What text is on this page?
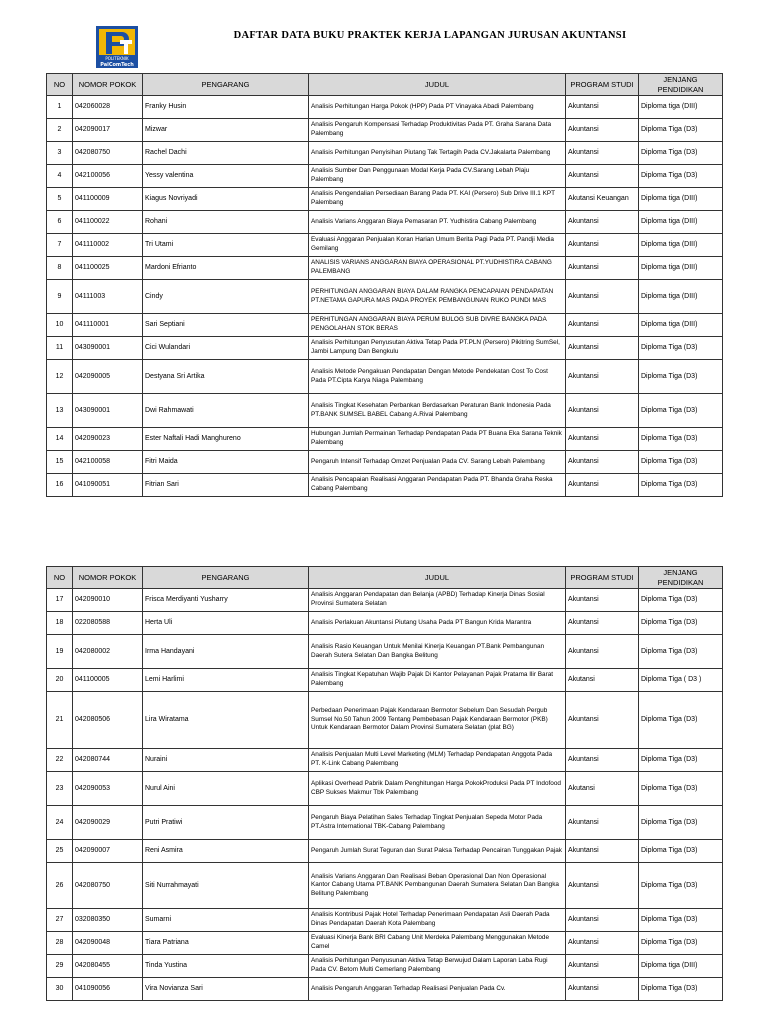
POLITEKNIK
PalComTech
DAFTAR DATA BUKU PRAKTEK KERJA LAPANGAN JURUSAN AKUNTANSI
NO	NOMOR POKOK	PENGARANG	JUDUL	PROGRAM STUDI	JENJANG PENDIDIKAN
1	042060028	Franky Husin	Analisis Perhitungan Harga Pokok (HPP) Pada PT Vinayaka Abadi Palembang	Akuntansi	Diploma tiga (DIII)
2	042090017	Mizwar	Analisis Pengaruh Kompensasi Terhadap Produktivitas Pada PT. Graha Sarana Data Palembang	Akuntansi	Diploma Tiga (D3)
3	042080750	Rachel Dachi	Analisis Perhitungan Penyisihan Piutang Tak Tertagih Pada CV.Jakalarta Palembang	Akuntansi	Diploma Tiga (D3)
4	042100056	Yessy valentina	Analisis Sumber Dan Penggunaan Modal Kerja Pada CV.Sarang Lebah Plaju Palembang	Akuntansi	Diploma Tiga (D3)
5	041100009	Kiagus Novriyadi	Analisis Pengendalian Persediaan Barang Pada PT. KAI (Persero) Sub Drive III.1 KPT Palembang	Akutansi Keuangan	Diploma tiga (DIII)
6	041100022	Rohani	Analisis Varians Anggaran Biaya Pemasaran PT. Yudhistira Cabang Palembang	Akuntansi	Diploma tiga (DIII)
7	041110002	Tri Utami	Evaluasi Anggaran Penjualan Koran Harian Umum Berita Pagi Pada PT. Pandji Media Gemilang	Akuntansi	Diploma tiga (DIII)
8	041100025	Mardoni Efrianto	ANALISIS VARIANS ANGGARAN BIAYA OPERASIONAL PT.YUDHISTIRA CABANG PALEMBANG	Akuntansi	Diploma tiga (DIII)
9	04111003	Cindy	PERHITUNGAN ANGGARAN BIAYA DALAM RANGKA PENCAPAIAN PENDAPATAN PT.NETAMA GAPURA MAS PADA PROYEK PEMBANGUNAN RUKO PUNDI MAS	Akuntansi	Diploma tiga (DIII)
10	041110001	Sari Septiani	PERHITUNGAN ANGGARAN BIAYA PERUM BULOG SUB DIVRE BANGKA PADA PENGOLAHAN STOK BERAS	Akuntansi	Diploma tiga (DIII)
11	043090001	Cici Wulandari	Analisis Perhitungan Penyusutan Aktiva Tetap Pada PT.PLN (Persero) Pikitring SumSel, Jambi Lampung Dan Bengkulu	Akuntansi	Diploma Tiga (D3)
12	042090005	Destyana Sri Artika	Analisis Metode Pengakuan Pendapatan Dengan Metode Pendekatan Cost To Cost Pada PT.Cipta Karya Niaga Palembang	Akuntansi	Diploma Tiga (D3)
13	043090001	Dwi Rahmawati	Analisis Tingkat Kesehatan Perbankan Berdasarkan Peraturan Bank Indonesia Pada PT.BANK SUMSEL BABEL Cabang A.Rivai Palembang	Akuntansi	Diploma Tiga (D3)
14	042090023	Ester Naftali Hadi Manghureno	Hubungan Jumlah Permainan Terhadap Pendapatan Pada PT Buana Eka Sarana Teknik Palembang	Akuntansi	Diploma Tiga (D3)
15	042100058	Fitri Maida	Pengaruh Intensif Terhadap Omzet Penjualan Pada CV. Sarang Lebah Palembang	Akuntansi	Diploma Tiga (D3)
16	041090051	Fitrian Sari	Analisis Pencapaian Realisasi Anggaran Pendapatan Pada PT. Bhanda Graha Reska Cabang Palembang	Akuntansi	Diploma Tiga (D3)
NO	NOMOR POKOK	PENGARANG	JUDUL	PROGRAM STUDI	JENJANG PENDIDIKAN
17	042090010	Frisca Merdiyanti Yusharry	Analisis Anggaran Pendapatan dan Belanja (APBD) Terhadap Kinerja Dinas Sosial Provinsi Sumatera Selatan	Akuntansi	Diploma Tiga (D3)
18	022080588	Herta Uli	Analisis Perlakuan Akuntansi Piutang Usaha Pada PT Bangun Krida Marantra	Akuntansi	Diploma Tiga (D3)
19	042080002	Irma Handayani	Analisis Rasio Keuangan Untuk Menilai Kinerja Keuangan PT.Bank Pembangunan Daerah Sutera Selatan Dan Bangka Belitung	Akuntansi	Diploma Tiga (D3)
20	041100005	Lemi Harlimi	Analisis Tingkat Kepatuhan Wajib Pajak Di Kantor Pelayanan Pajak Pratama Ilir Barat Palembang	Akutansi	Diploma Tiga ( D3 )
21	042080506	Lira Wiratama	Perbedaan Penerimaan Pajak Kendaraan Bermotor Sebelum Dan Sesudah Pergub Sumsel No.50 Tahun 2009 Tentang Pembebasan Pajak Kendaraan Bermotor (PKB) Untuk Kendaraan Bermotor Dalam Provinsi Sumatera Selatan (plat BG)	Akuntansi	Diploma Tiga (D3)
22	042080744	Nuraini	Analisis Penjualan Multi Level Marketing (MLM) Terhadap Pendapatan Anggota Pada PT. K-Link Cabang Palembang	Akuntansi	Diploma Tiga (D3)
23	042090053	Nurul Aini	Aplikasi Overhead Pabrik Dalam Penghitungan Harga PokokProduksi Pada PT Indofood CBP Sukses Makmur Tbk Palembang	Akutansi	Diploma Tiga (D3)
24	042090029	Putri Pratiwi	Pengaruh Biaya Pelatihan Sales Terhadap Tingkat Penjualan Sepeda Motor Pada PT.Astra International TBK-Cabang Palembang	Akuntansi	Diploma Tiga (D3)
25	042090007	Reni Asmira	Pengaruh Jumlah Surat Teguran dan Surat Paksa Terhadap Pencairan Tunggakan Pajak	Akuntansi	Diploma Tiga (D3)
26	042080750	Siti Nurrahmayati	Analisis Varians Anggaran Dan Realisasi Beban Operasional Dan Non Operasional Kantor Cabang Utama PT.BANK Pembangunan Daerah Sumatera Selatan Dan Bangka Belitung Palembang	Akuntansi	Diploma Tiga (D3)
27	032080350	Sumarni	Analisis Kontribusi Pajak Hotel Terhadap Penerimaan Pendapatan Asli Daerah Pada Dinas Pendapatan Daerah Kota Palembang	Akuntansi	Diploma Tiga (D3)
28	042090048	Tiara Patriana	Evaluasi Kinerja Bank BRI Cabang Unit Merdeka Palembang Menggunakan Metode Camel	Akuntansi	Diploma Tiga (D3)
29	042080455	Tinda Yustina	Analisis Perhitungan Penyusunan Aktiva Tetap Berwujud Dalam Laporan Laba Rugi Pada CV. Betom Multi Cemerlang Palembang	Akuntansi	Diploma tiga (DIII)
30	041090056	Vira Novianza Sari	Analisis Pengaruh Anggaran Terhadap Realisasi Penjualan Pada Cv.	Akuntansi	Diploma Tiga (D3)
